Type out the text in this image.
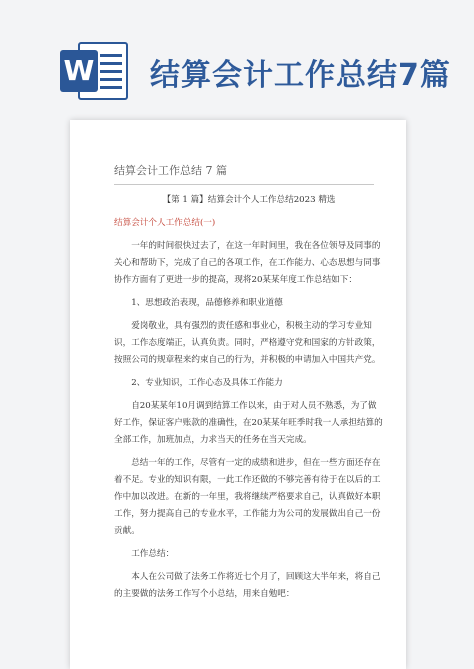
W 结算会计工作总结7篇
结算会计工作总结 7 篇

【第 1 篇】结算会计个人工作总结2023 精选

结算会计个人工作总结(一)

一年的时间很快过去了，在这一年时间里，我在各位领导及同事的关心和帮助下，完成了自己的各项工作，在工作能力、心态思想与同事协作方面有了更进一步的提高，现将20某某年度工作总结如下：

1、思想政治表现，品德修养和职业道德

爱岗敬业，具有强烈的责任感和事业心，积极主动的学习专业知识，工作态度端正，认真负责。同时，严格遵守党和国家的方针政策，按照公司的规章程来约束自己的行为，并积极的申请加入中国共产党。

2、专业知识，工作心态及具体工作能力

自20某某年10月调到结算工作以来，由于对人员不熟悉，为了做好工作，保证客户账款的准确性，在20某某年旺季时我一人承担结算的全部工作，加班加点，力求当天的任务在当天完成。

总结一年的工作，尽管有一定的成绩和进步，但在一些方面还存在着不足。专业的知识有限，一此工作还做的不够完善有待于在以后的工作中加以改进。在新的一年里，我将继续严格要求自己，认真做好本职工作，努力提高自己的专业水平，工作能力为公司的发展做出自己一份贡献。

工作总结：

本人在公司做了法务工作将近七个月了，回顾这大半年来，将自己的主要做的法务工作写个小总结，用来自勉吧：
